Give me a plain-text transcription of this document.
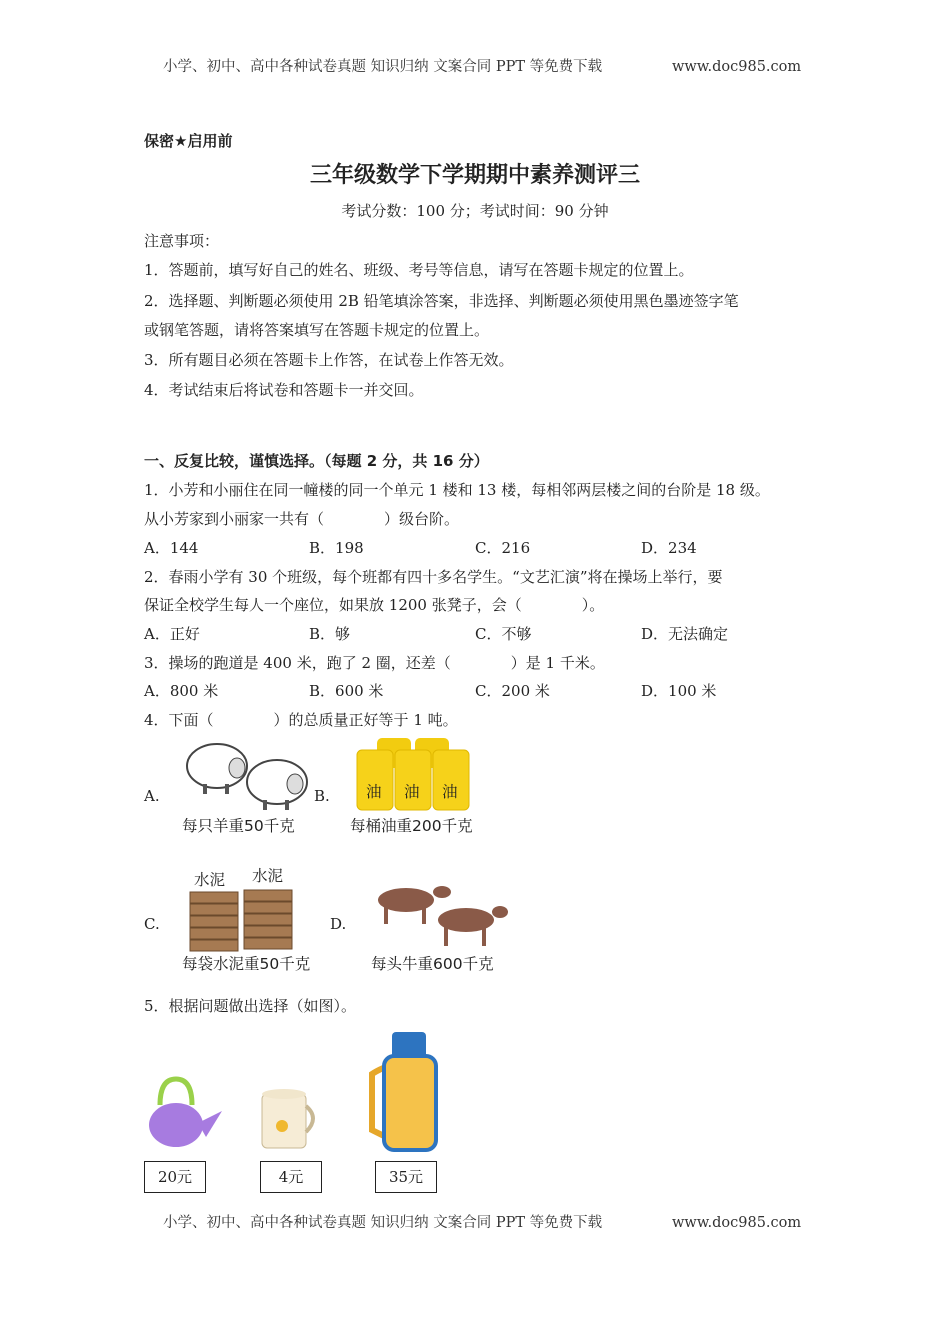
小学、初中、高中各种试卷真题 知识归纳 文案合同 PPT 等免费下载	www.doc985.com
保密★启用前
三年级数学下学期期中素养测评三
考试分数：100 分；考试时间：90 分钟
注意事项：
1．答题前，填写好自己的姓名、班级、考号等信息，请写在答题卡规定的位置上。
2．选择题、判断题必须使用 2B 铅笔填涂答案，非选择、判断题必须使用黑色墨迹签字笔
或钢笔答题，请将答案填写在答题卡规定的位置上。
3．所有题目必须在答题卡上作答，在试卷上作答无效。
4．考试结束后将试卷和答题卡一并交回。
一、反复比较，谨慎选择。（每题 2 分，共 16 分）
1．小芳和小丽住在同一幢楼的同一个单元 1 楼和 13 楼，每相邻两层楼之间的台阶是 18 级。
从小芳家到小丽家一共有（　　　　）级台阶。
A．144	B．198	C．216	D．234
2．春雨小学有 30 个班级，每个班都有四十多名学生。“文艺汇演”将在操场上举行，要
保证全校学生每人一个座位，如果放 1200 张凳子，会（　　　　）。
A．正好	B．够	C．不够	D．无法确定
3．操场的跑道是 400 米，跑了 2 圈，还差（　　　　）是 1 千米。
A．800 米	B．600 米	C．200 米	D．100 米
4．下面（　　　　）的总质量正好等于 1 吨。
A.
每只羊重50千克
B. 油 油 油
每桶油重200千克
水泥 水泥
C.
每袋水泥重50千克
D.
每头牛重600千克
5．根据问题做出选择（如图）。
20元	4元	35元
小学、初中、高中各种试卷真题 知识归纳 文案合同 PPT 等免费下载	www.doc985.com
